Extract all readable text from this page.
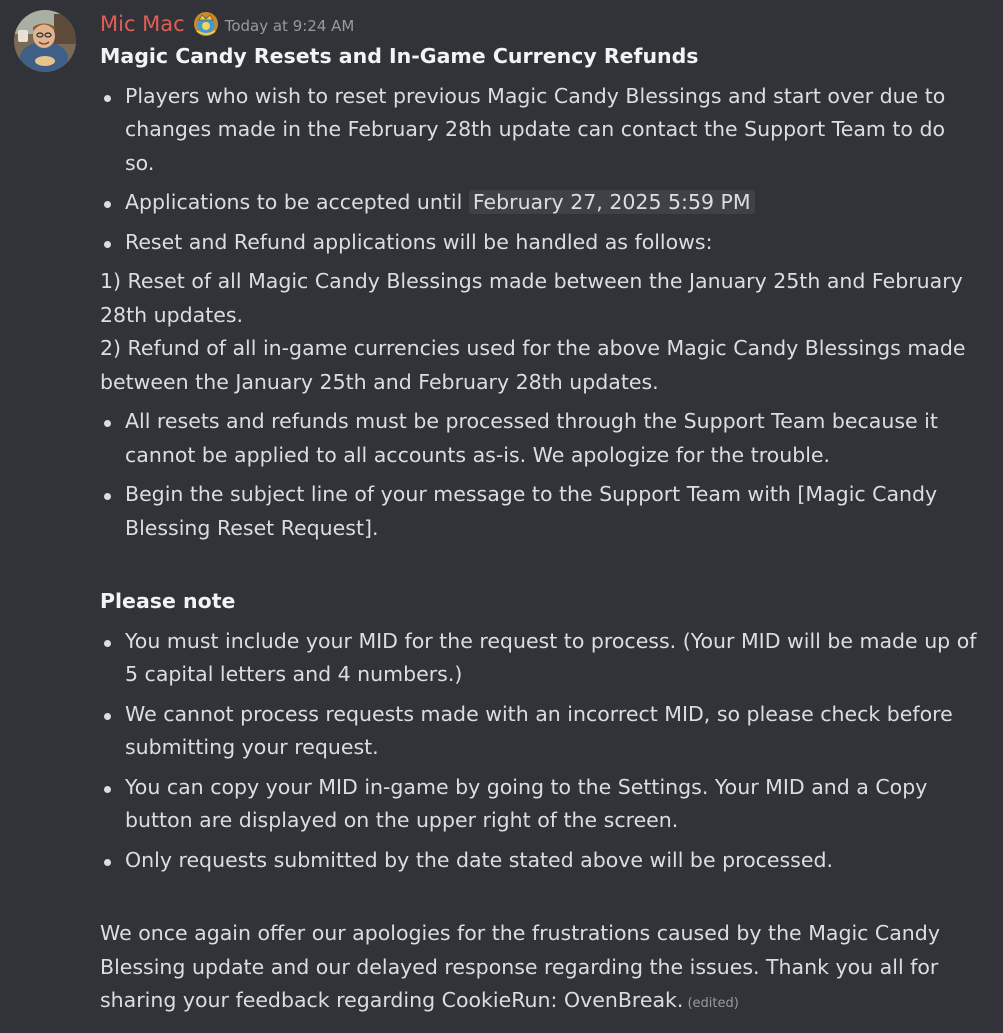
Mic Mac	Today at 9:24 AM

Magic Candy Resets and In-Game Currency Refunds

Players who wish to reset previous Magic Candy Blessings and start over due to changes made in the February 28th update can contact the Support Team to do so.
Applications to be accepted until February 27, 2025 5:59 PM
Reset and Refund applications will be handled as follows:

1) Reset of all Magic Candy Blessings made between the January 25th and February 28th updates.

2) Refund of all in-game currencies used for the above Magic Candy Blessings made between the January 25th and February 28th updates.

All resets and refunds must be processed through the Support Team because it cannot be applied to all accounts as-is. We apologize for the trouble.
Begin the subject line of your message to the Support Team with [Magic Candy Blessing Reset Request].

Please note

You must include your MID for the request to process. (Your MID will be made up of 5 capital letters and 4 numbers.)
We cannot process requests made with an incorrect MID, so please check before submitting your request.
You can copy your MID in-game by going to the Settings. Your MID and a Copy button are displayed on the upper right of the screen.
Only requests submitted by the date stated above will be processed.

We once again offer our apologies for the frustrations caused by the Magic Candy Blessing update and our delayed response regarding the issues. Thank you all for sharing your feedback regarding CookieRun: OvenBreak. (edited)
